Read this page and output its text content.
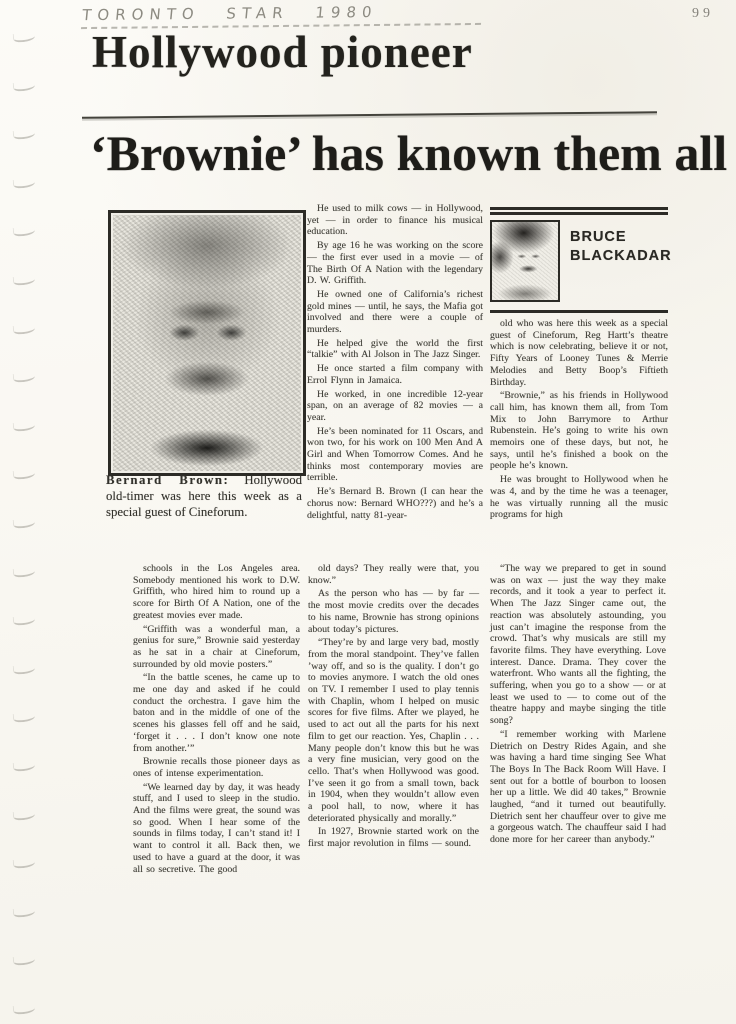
TORONTO STAR 1980	99
Hollywood pioneer
‘Brownie’ has known them all
Bernard Brown: Hollywood old-timer was here this week as a special guest of Cineforum.
BRUCE
BLACKADAR

He used to milk cows — in Hollywood, yet — in order to finance his musical education.

By age 16 he was working on the score — the first ever used in a movie — of The Birth Of A Nation with the legendary D. W. Griffith.

He owned one of California’s richest gold mines — until, he says, the Mafia got involved and there were a couple of murders.

He helped give the world the first “talkie” with Al Jolson in The Jazz Singer.

He once started a film company with Errol Flynn in Jamaica.

He worked, in one incredible 12-year span, on an average of 82 movies — a year.

He’s been nominated for 11 Oscars, and won two, for his work on 100 Men And A Girl and When Tomorrow Comes. And he thinks most contemporary movies are terrible.

He’s Bernard B. Brown (I can hear the chorus now: Bernard WHO???) and he’s a delightful, natty 81-year-

old who was here this week as a special guest of Cineforum, Reg Hartt’s theatre which is now celebrating, believe it or not, Fifty Years of Looney Tunes & Merrie Melodies and Betty Boop’s Fiftieth Birthday.

“Brownie,” as his friends in Hollywood call him, has known them all, from Tom Mix to John Barrymore to Arthur Rubenstein. He’s going to write his own memoirs one of these days, but not, he says, until he’s finished a book on the people he’s known.

He was brought to Hollywood when he was 4, and by the time he was a teenager, he was virtually running all the music programs for high

schools in the Los Angeles area. Somebody mentioned his work to D.W. Griffith, who hired him to round up a score for Birth Of A Nation, one of the greatest movies ever made.

“Griffith was a wonderful man, a genius for sure,” Brownie said yesterday as he sat in a chair at Cineforum, surrounded by old movie posters.”

“In the battle scenes, he came up to me one day and asked if he could conduct the orchestra. I gave him the baton and in the middle of one of the scenes his glasses fell off and he said, ‘forget it . . . I don’t know one note from another.’”

Brownie recalls those pioneer days as ones of intense experimentation.

“We learned day by day, it was heady stuff, and I used to sleep in the studio. And the films were great, the sound was so good. When I hear some of the sounds in films today, I can’t stand it! I want to control it all. Back then, we used to have a guard at the door, it was all so secretive. The good

old days? They really were that, you know.”

As the person who has — by far — the most movie credits over the decades to his name, Brownie has strong opinions about today’s pictures.

“They’re by and large very bad, mostly from the moral standpoint. They’ve fallen ’way off, and so is the quality. I don’t go to movies anymore. I watch the old ones on TV. I remember I used to play tennis with Chaplin, whom I helped on music scores for five films. After we played, he used to act out all the parts for his next film to get our reaction. Yes, Chaplin . . . Many people don’t know this but he was a very fine musician, very good on the cello. That’s when Hollywood was good. I’ve seen it go from a small town, back in 1904, when they wouldn’t allow even a pool hall, to now, where it has deteriorated physically and morally.”

In 1927, Brownie started work on the first major revolution in films — sound.

“The way we prepared to get in sound was on wax — just the way they make records, and it took a year to perfect it. When The Jazz Singer came out, the reaction was absolutely astounding, you just can’t imagine the response from the crowd. That’s why musicals are still my favorite films. They have everything. Love interest. Dance. Drama. They cover the waterfront. Who wants all the fighting, the suffering, when you go to a show — or at least we used to — to come out of the theatre happy and maybe singing the title song?

“I remember working with Marlene Dietrich on Destry Rides Again, and she was having a hard time singing See What The Boys In The Back Room Will Have. I sent out for a bottle of bourbon to loosen her up a little. We did 40 takes,” Brownie laughed, “and it turned out beautifully. Dietrich sent her chauffeur over to give me a gorgeous watch. The chauffeur said I had done more for her career than anybody.”
